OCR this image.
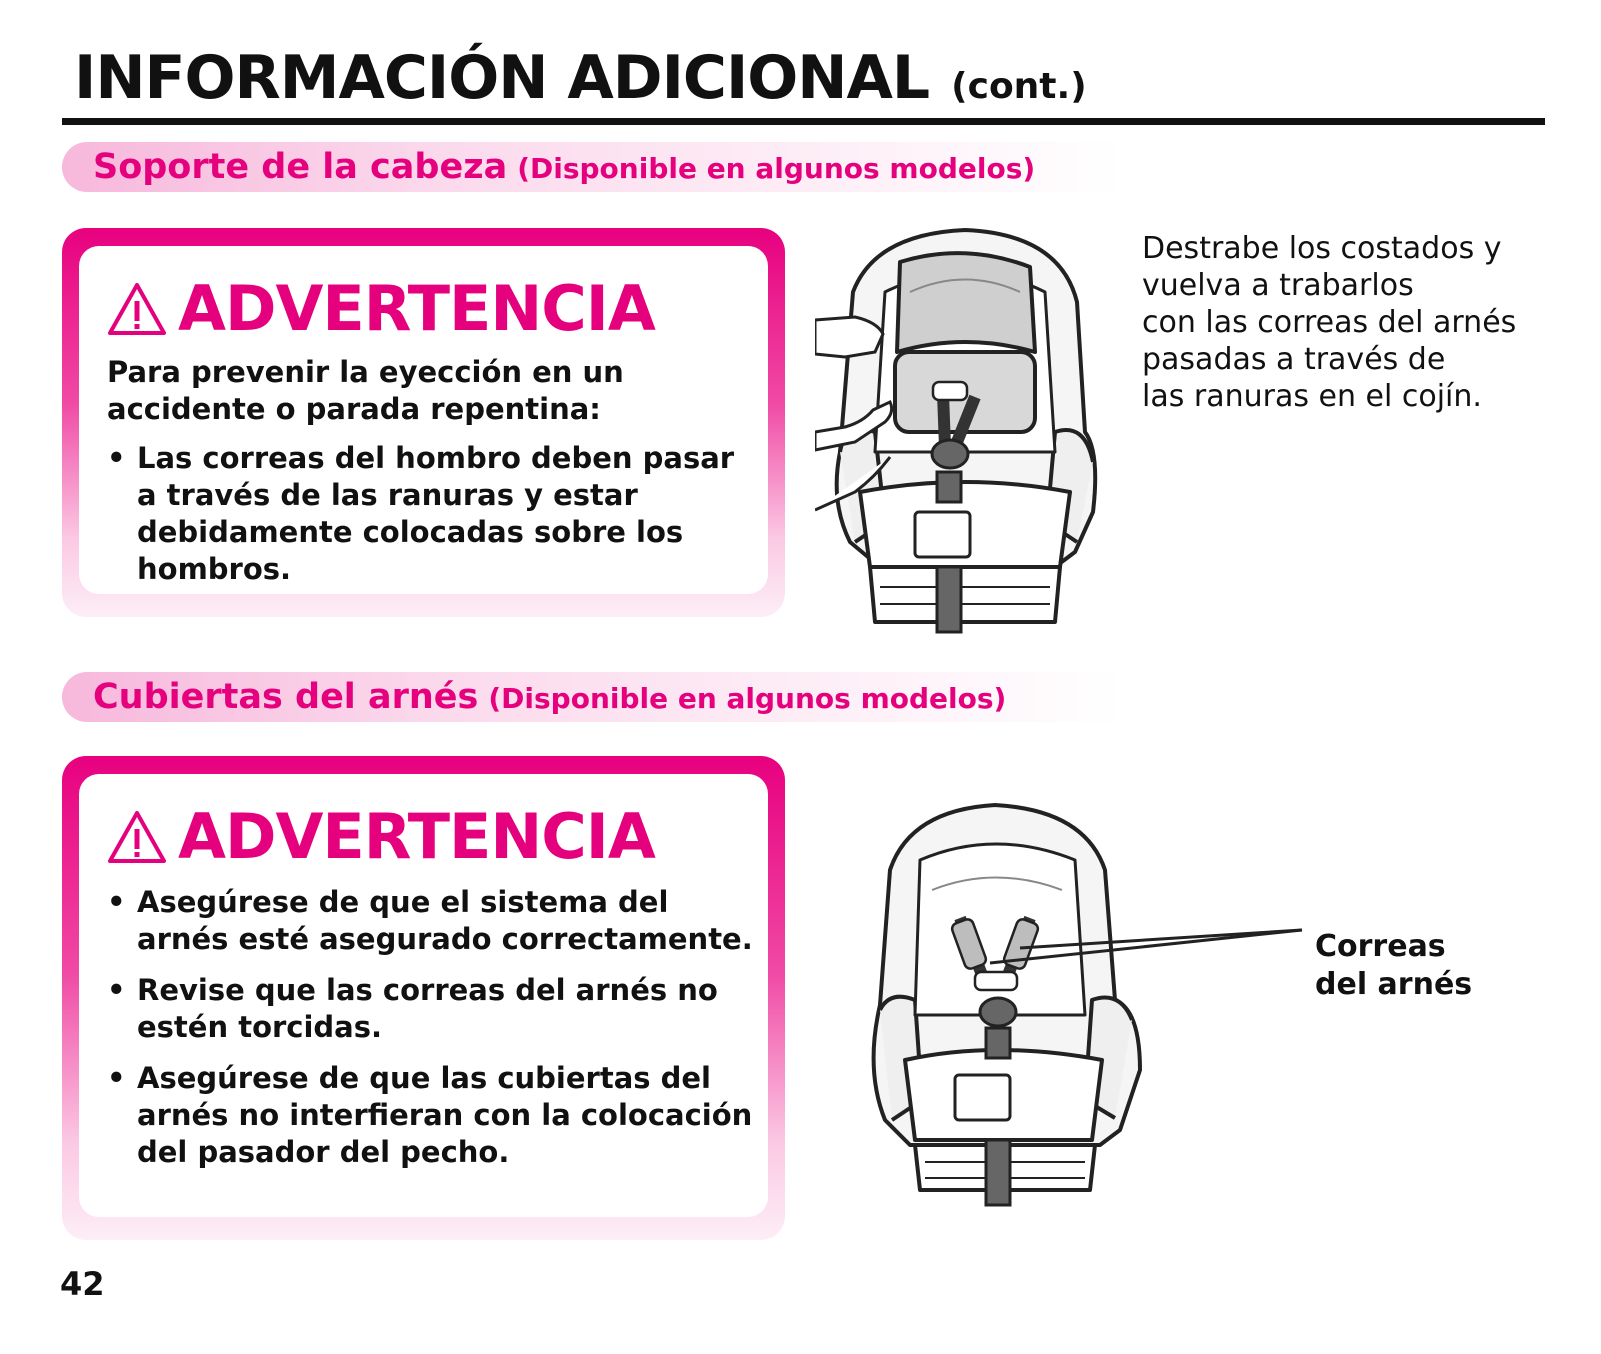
INFORMACIÓN ADICIONAL (cont.)
Soporte de la cabeza (Disponible en algunos modelos)
ADVERTENCIA

Para prevenir la eyección en un accidente o parada repentina:

• Las correas del hombro deben pasar a través de las ranuras y estar debidamente colocadas sobre los hombros.

Destrabe los costados y
vuelva a trabarlos
con las correas del arnés
pasadas a través de
las ranuras en el cojín.
Cubiertas del arnés (Disponible en algunos modelos)
ADVERTENCIA

• Asegúrese de que el sistema del arnés esté asegurado correctamente.

• Revise que las correas del arnés no estén torcidas.

• Asegúrese de que las cubiertas del arnés no interfieran con la colocación del pasador del pecho.

Correas
del arnés
42
